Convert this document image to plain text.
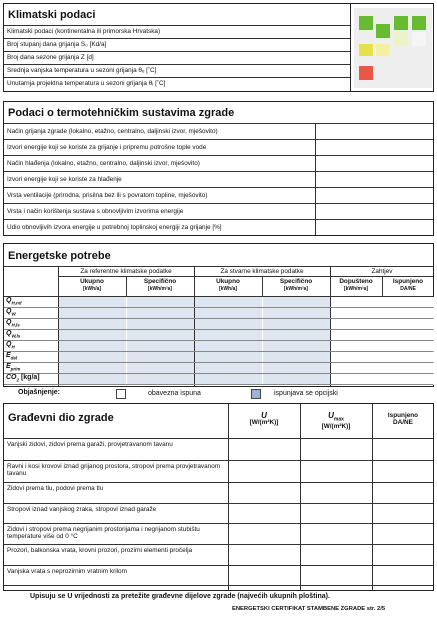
Klimatski podaci
Klimatski podaci (kontinentalna ili primorska Hrvatska)
Broj stupanj dana grijanja S₀ [Kd/a]
Broj dana sezone grijanja Z [d]
Srednja vanjska temperatura u sezoni grijanja θₑ [˚C]
Unutarnja projektna temperatura u sezoni grijanja θᵢ [˚C]
Podaci o termotehničkim sustavima zgrade
Način grijanja zgrade (lokalno, etažno, centralno, daljinski izvor, mješovito)
Izvori energije koji se koriste za grijanje i pripremu potrošne tople vode
Način hlađenja (lokalno, etažno, centralno, daljinski izvor, mješovito)
Izvori energije koji se koriste za hlađenje
Vrsta ventilacije (prirodna, prisilna bez ili s povratom topline, mješovito)
Vrsta i način korištenja sustava s obnovljivim izvorima energije
Udio obnovljivih izvora energije u potrebnoj toplinskoj energiji za grijanje [%]
Energetske potrebe
Za referentne klimatske podatke	Za stvarne klimatske podatke	Zahtjev
Ukupno
[kWh/a]
Specifično
[kWh/m²a]
Ukupno
[kWh/a]
Specifično
[kWh/m²a]
Dopušteno
[kWh/m²a]
Ispunjeno
DA/NE
$Q_{H,nd}$
$Q_W$
$Q_{H,ls}$
$Q_{W,ls}$
$Q_H$
$E_{del}$
$E_{prim}$
$CO_2$ [kg/a]
Objašnjenje:	obavezna ispuna	ispunjava se opcijski
Građevni dio zgrade	U
[W/(m²K)]
$U_{max}$
[W/(m²K)]
Ispunjeno
DA/NE
Vanjski zidovi, zidovi prema garaži, provjetravanom tavanu
Ravni i kosi krovovi iznad grijanog prostora, stropovi prema provjetravanom tavanu
Zidovi prema tlu, podovi prema tlu
Stropovi iznad vanjskog zraka, stropovi iznad garaže
Zidovi i stropovi prema negrijanim prostorijama i negrijanom stubištu temperature više od 0 °C
Prozori, balkonska vrata, krovni prozori, prozirni elementi pročelja
Vanjska vrata s neprozirnim vratnim krilom
Upisuju se U vrijednosti za pretežite građevne dijelove zgrade (najvećih ukupnih ploština).
ENERGETSKI CERTIFIKAT STAMBENE ZGRADE str. 2/5
